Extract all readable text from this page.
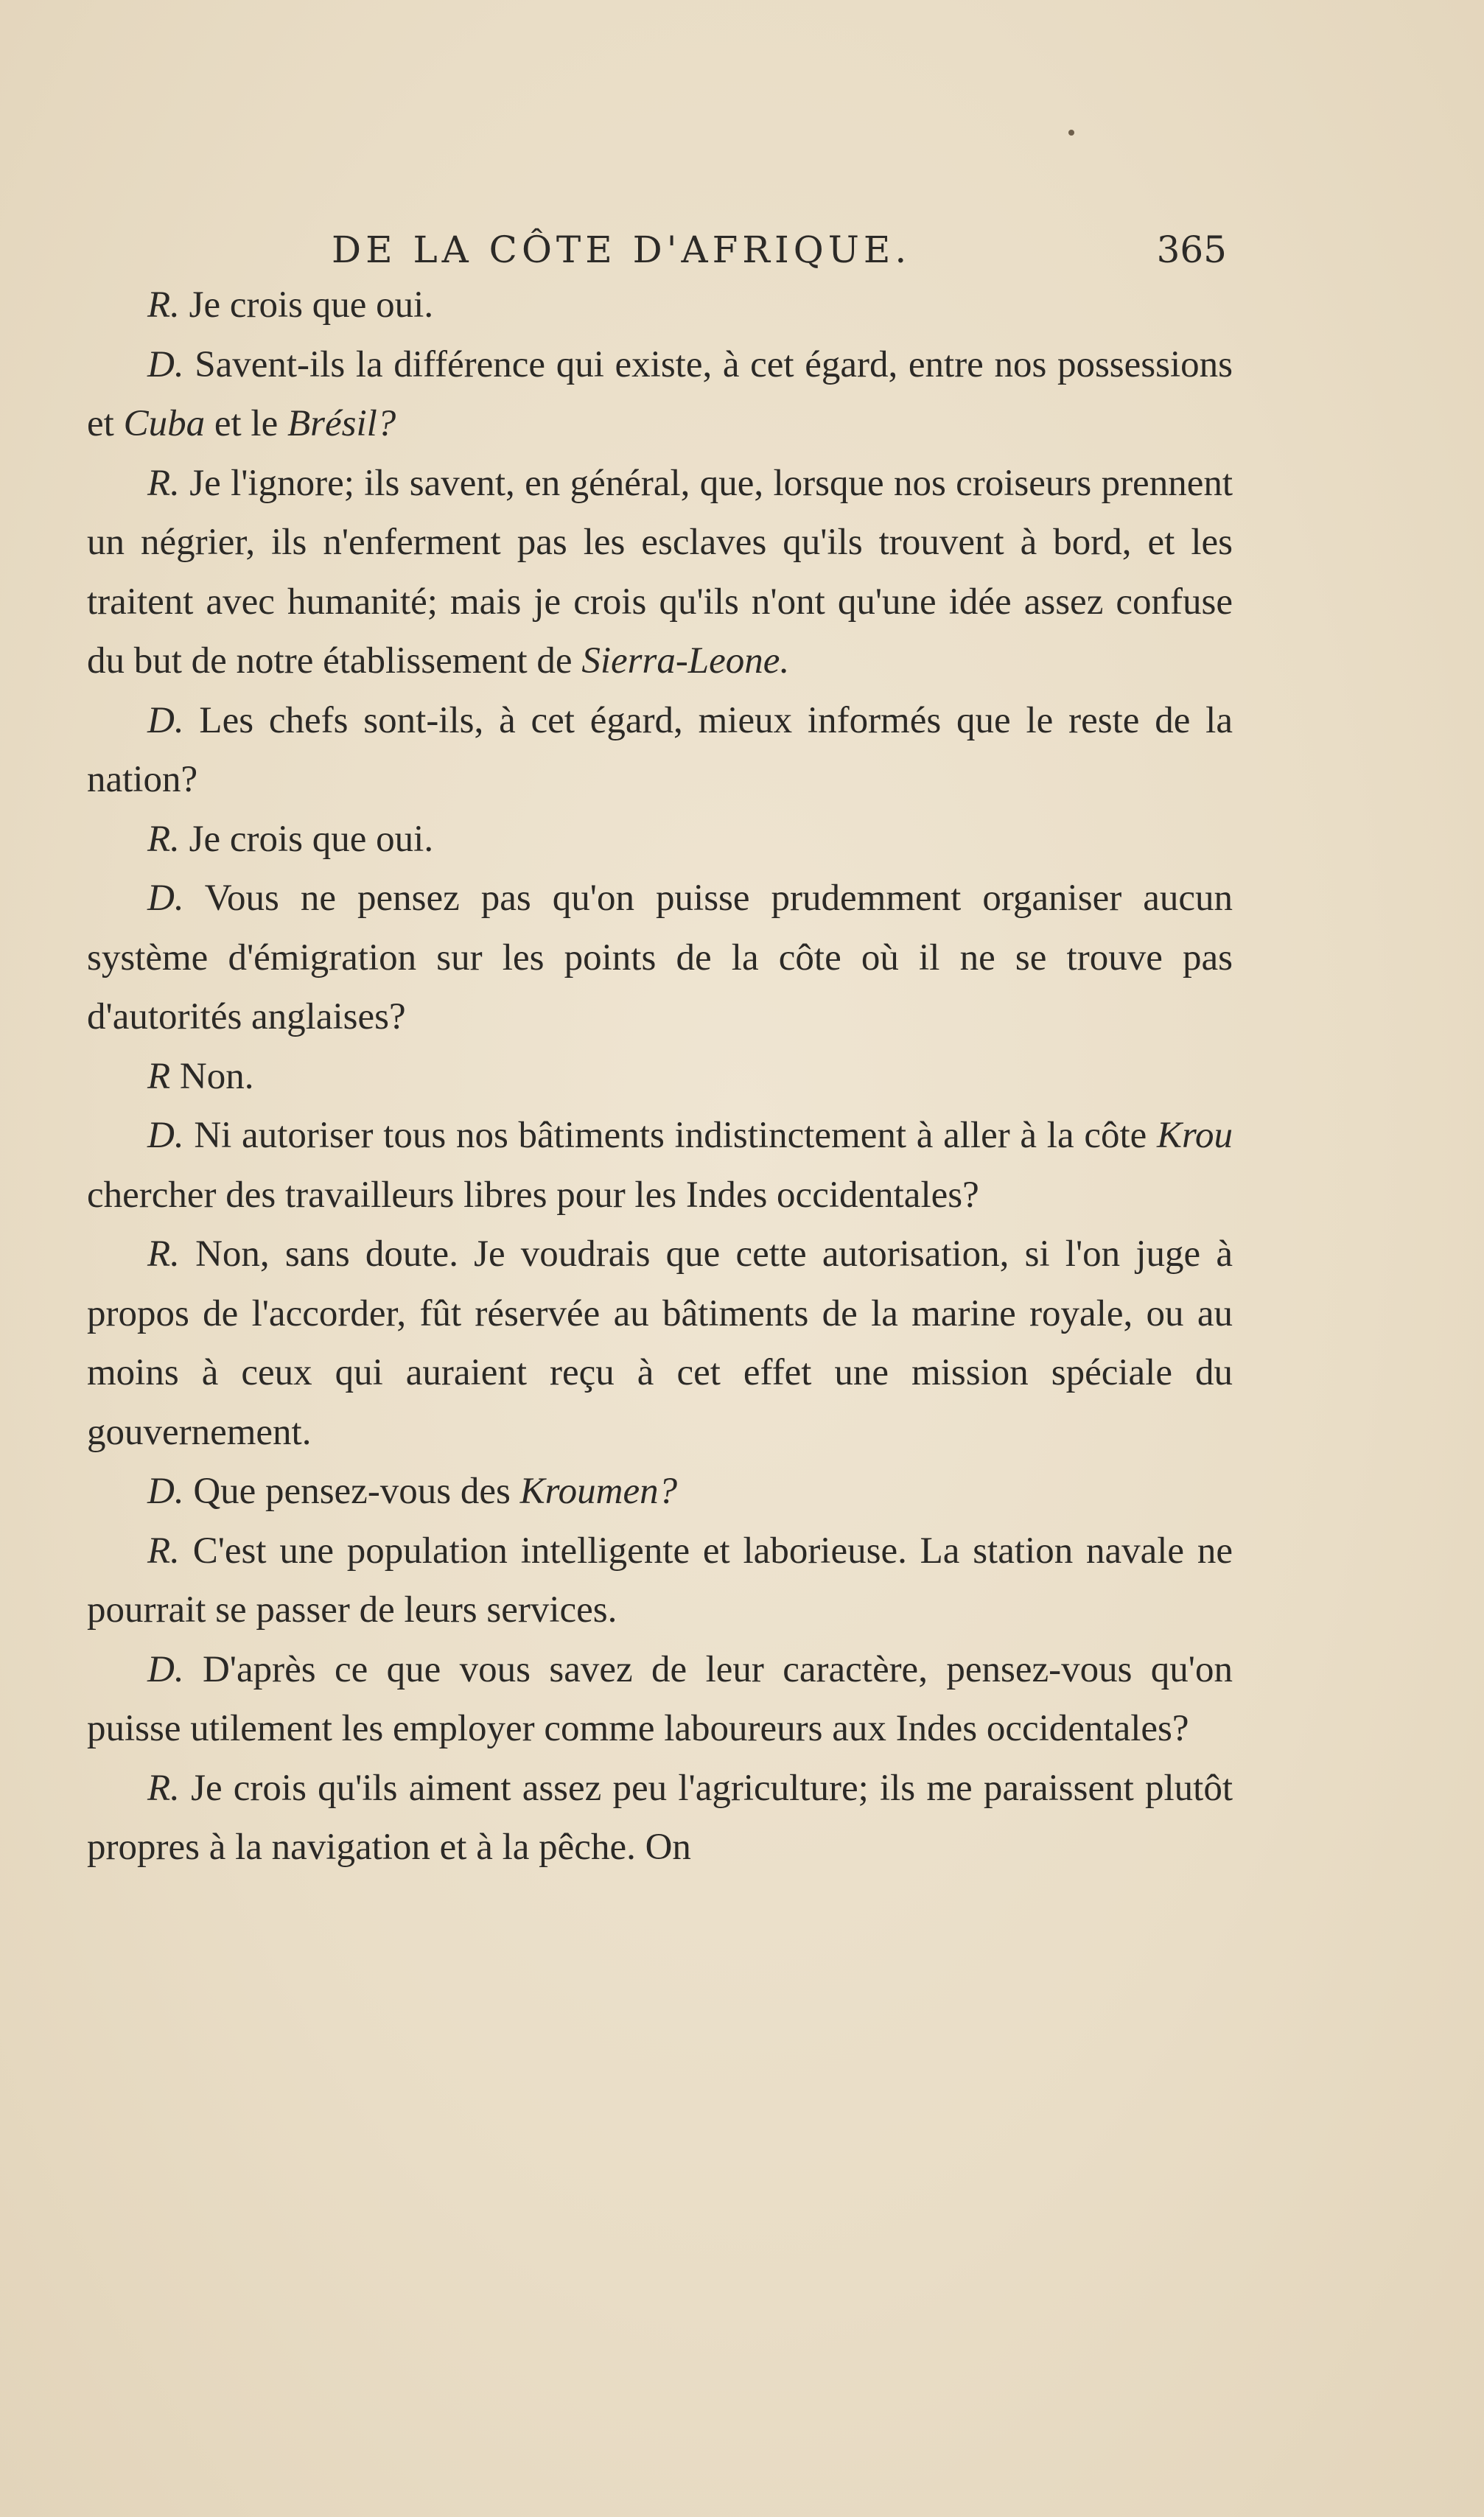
DE LA CÔTE D'AFRIQUE.	365

R. Je crois que oui.

D. Savent-ils la différence qui existe, à cet égard, entre nos possessions et Cuba et le Brésil?

R. Je l'ignore; ils savent, en général, que, lorsque nos croiseurs prennent un négrier, ils n'enferment pas les esclaves qu'ils trouvent à bord, et les traitent avec humanité; mais je crois qu'ils n'ont qu'une idée assez confuse du but de notre établissement de Sierra-Leone.

D. Les chefs sont-ils, à cet égard, mieux informés que le reste de la nation?

R. Je crois que oui.

D. Vous ne pensez pas qu'on puisse prudemment organiser aucun système d'émigration sur les points de la côte où il ne se trouve pas d'autorités anglaises?

R Non.

D. Ni autoriser tous nos bâtiments indistinctement à aller à la côte Krou chercher des travailleurs libres pour les Indes occidentales?

R. Non, sans doute. Je voudrais que cette autorisation, si l'on juge à propos de l'accorder, fût réservée au bâtiments de la marine royale, ou au moins à ceux qui auraient reçu à cet effet une mission spéciale du gouvernement.

D. Que pensez-vous des Kroumen?

R. C'est une population intelligente et laborieuse. La station navale ne pourrait se passer de leurs services.

D. D'après ce que vous savez de leur caractère, pensez-vous qu'on puisse utilement les employer comme laboureurs aux Indes occidentales?

R. Je crois qu'ils aiment assez peu l'agriculture; ils me paraissent plutôt propres à la navigation et à la pêche. On
